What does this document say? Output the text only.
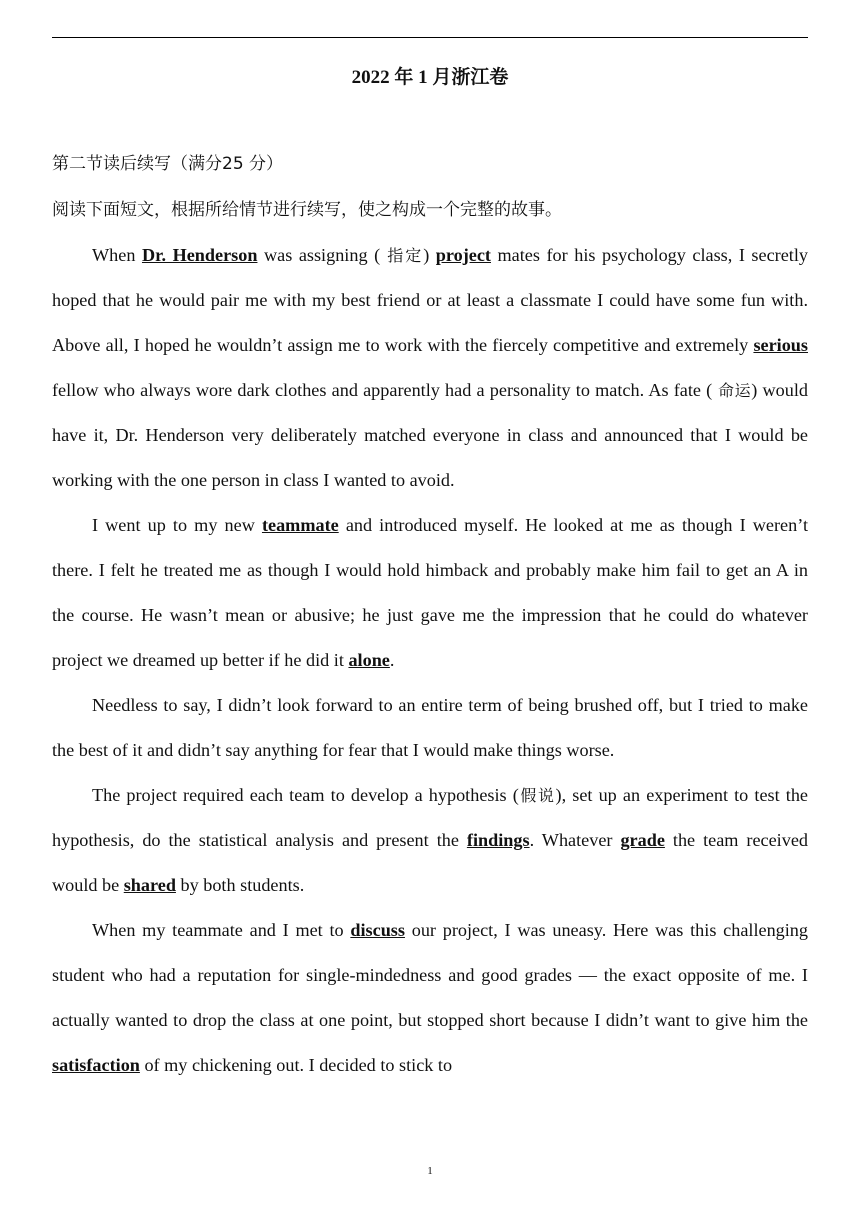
2022 年 1 月浙江卷
第二节读后续写（满分25 分）
阅读下面短文，根据所给情节进行续写，使之构成一个完整的故事。

When Dr. Henderson was assigning ( 指定) project mates for his psychology class, I secretly hoped that he would pair me with my best friend or at least a classmate I could have some fun with. Above all, I hoped he wouldn’t assign me to work with the fiercely competitive and extremely serious fellow who always wore dark clothes and apparently had a personality to match. As fate ( 命运) would have it, Dr. Henderson very deliberately matched everyone in class and announced that I would be working with the one person in class I wanted to avoid.

I went up to my new teammate and introduced myself. He looked at me as though I weren’t there. I felt he treated me as though I would hold himback and probably make him fail to get an A in the course. He wasn’t mean or abusive; he just gave me the impression that he could do whatever project we dreamed up better if he did it alone.

Needless to say, I didn’t look forward to an entire term of being brushed off, but I tried to make the best of it and didn’t say anything for fear that I would make things worse.

The project required each team to develop a hypothesis (假说), set up an experiment to test the hypothesis, do the statistical analysis and present the findings. Whatever grade the team received would be shared by both students.

When my teammate and I met to discuss our project, I was uneasy. Here was this challenging student who had a reputation for single-mindedness and good grades — the exact opposite of me. I actually wanted to drop the class at one point, but stopped short because I didn’t want to give him the satisfaction of my chickening out. I decided to stick to

1
